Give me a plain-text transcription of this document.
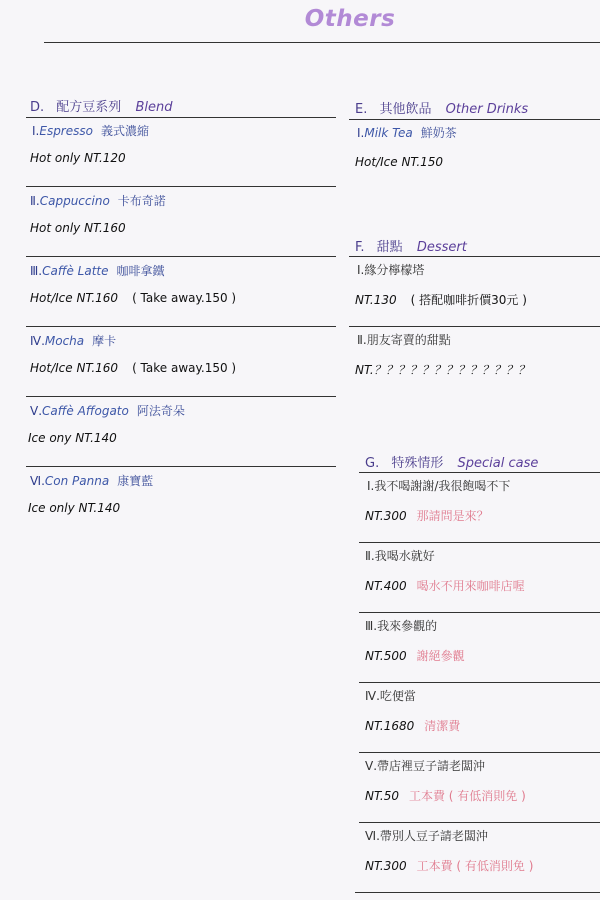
Others
D. 配方豆系列 Blend
Ⅰ.Espresso 義式濃縮
Hot only NT.120
Ⅱ.Cappuccino 卡布奇諾
Hot only NT.160
Ⅲ.Caffè Latte 咖啡拿鐵
Hot/Ice NT.160 ( Take away.150 )
Ⅳ.Mocha 摩卡
Hot/Ice NT.160 ( Take away.150 )
Ⅴ.Caffè Affogato 阿法奇朵
Ice ony NT.140
Ⅵ.Con Panna 康寶藍
Ice only NT.140
E. 其他飲品 Other Drinks
Ⅰ.Milk Tea 鮮奶茶
Hot/Ice NT.150
F. 甜點 Dessert
Ⅰ.緣分檸檬塔
NT.130 ( 搭配咖啡折價30元 )
Ⅱ.朋友寄賣的甜點
NT.？？？？？？？？？？？？？
G. 特殊情形 Special case
Ⅰ.我不喝謝謝/我很飽喝不下
NT.300 那請問是來？
Ⅱ.我喝水就好
NT.400 喝水不用來咖啡店喔
Ⅲ.我來參觀的
NT.500 謝絕參觀
Ⅳ.吃便當
NT.1680 清潔費
Ⅴ.帶店裡豆子請老闆沖
NT.50 工本費 ( 有低消則免 )
Ⅵ.帶別人豆子請老闆沖
NT.300 工本費 ( 有低消則免 )
